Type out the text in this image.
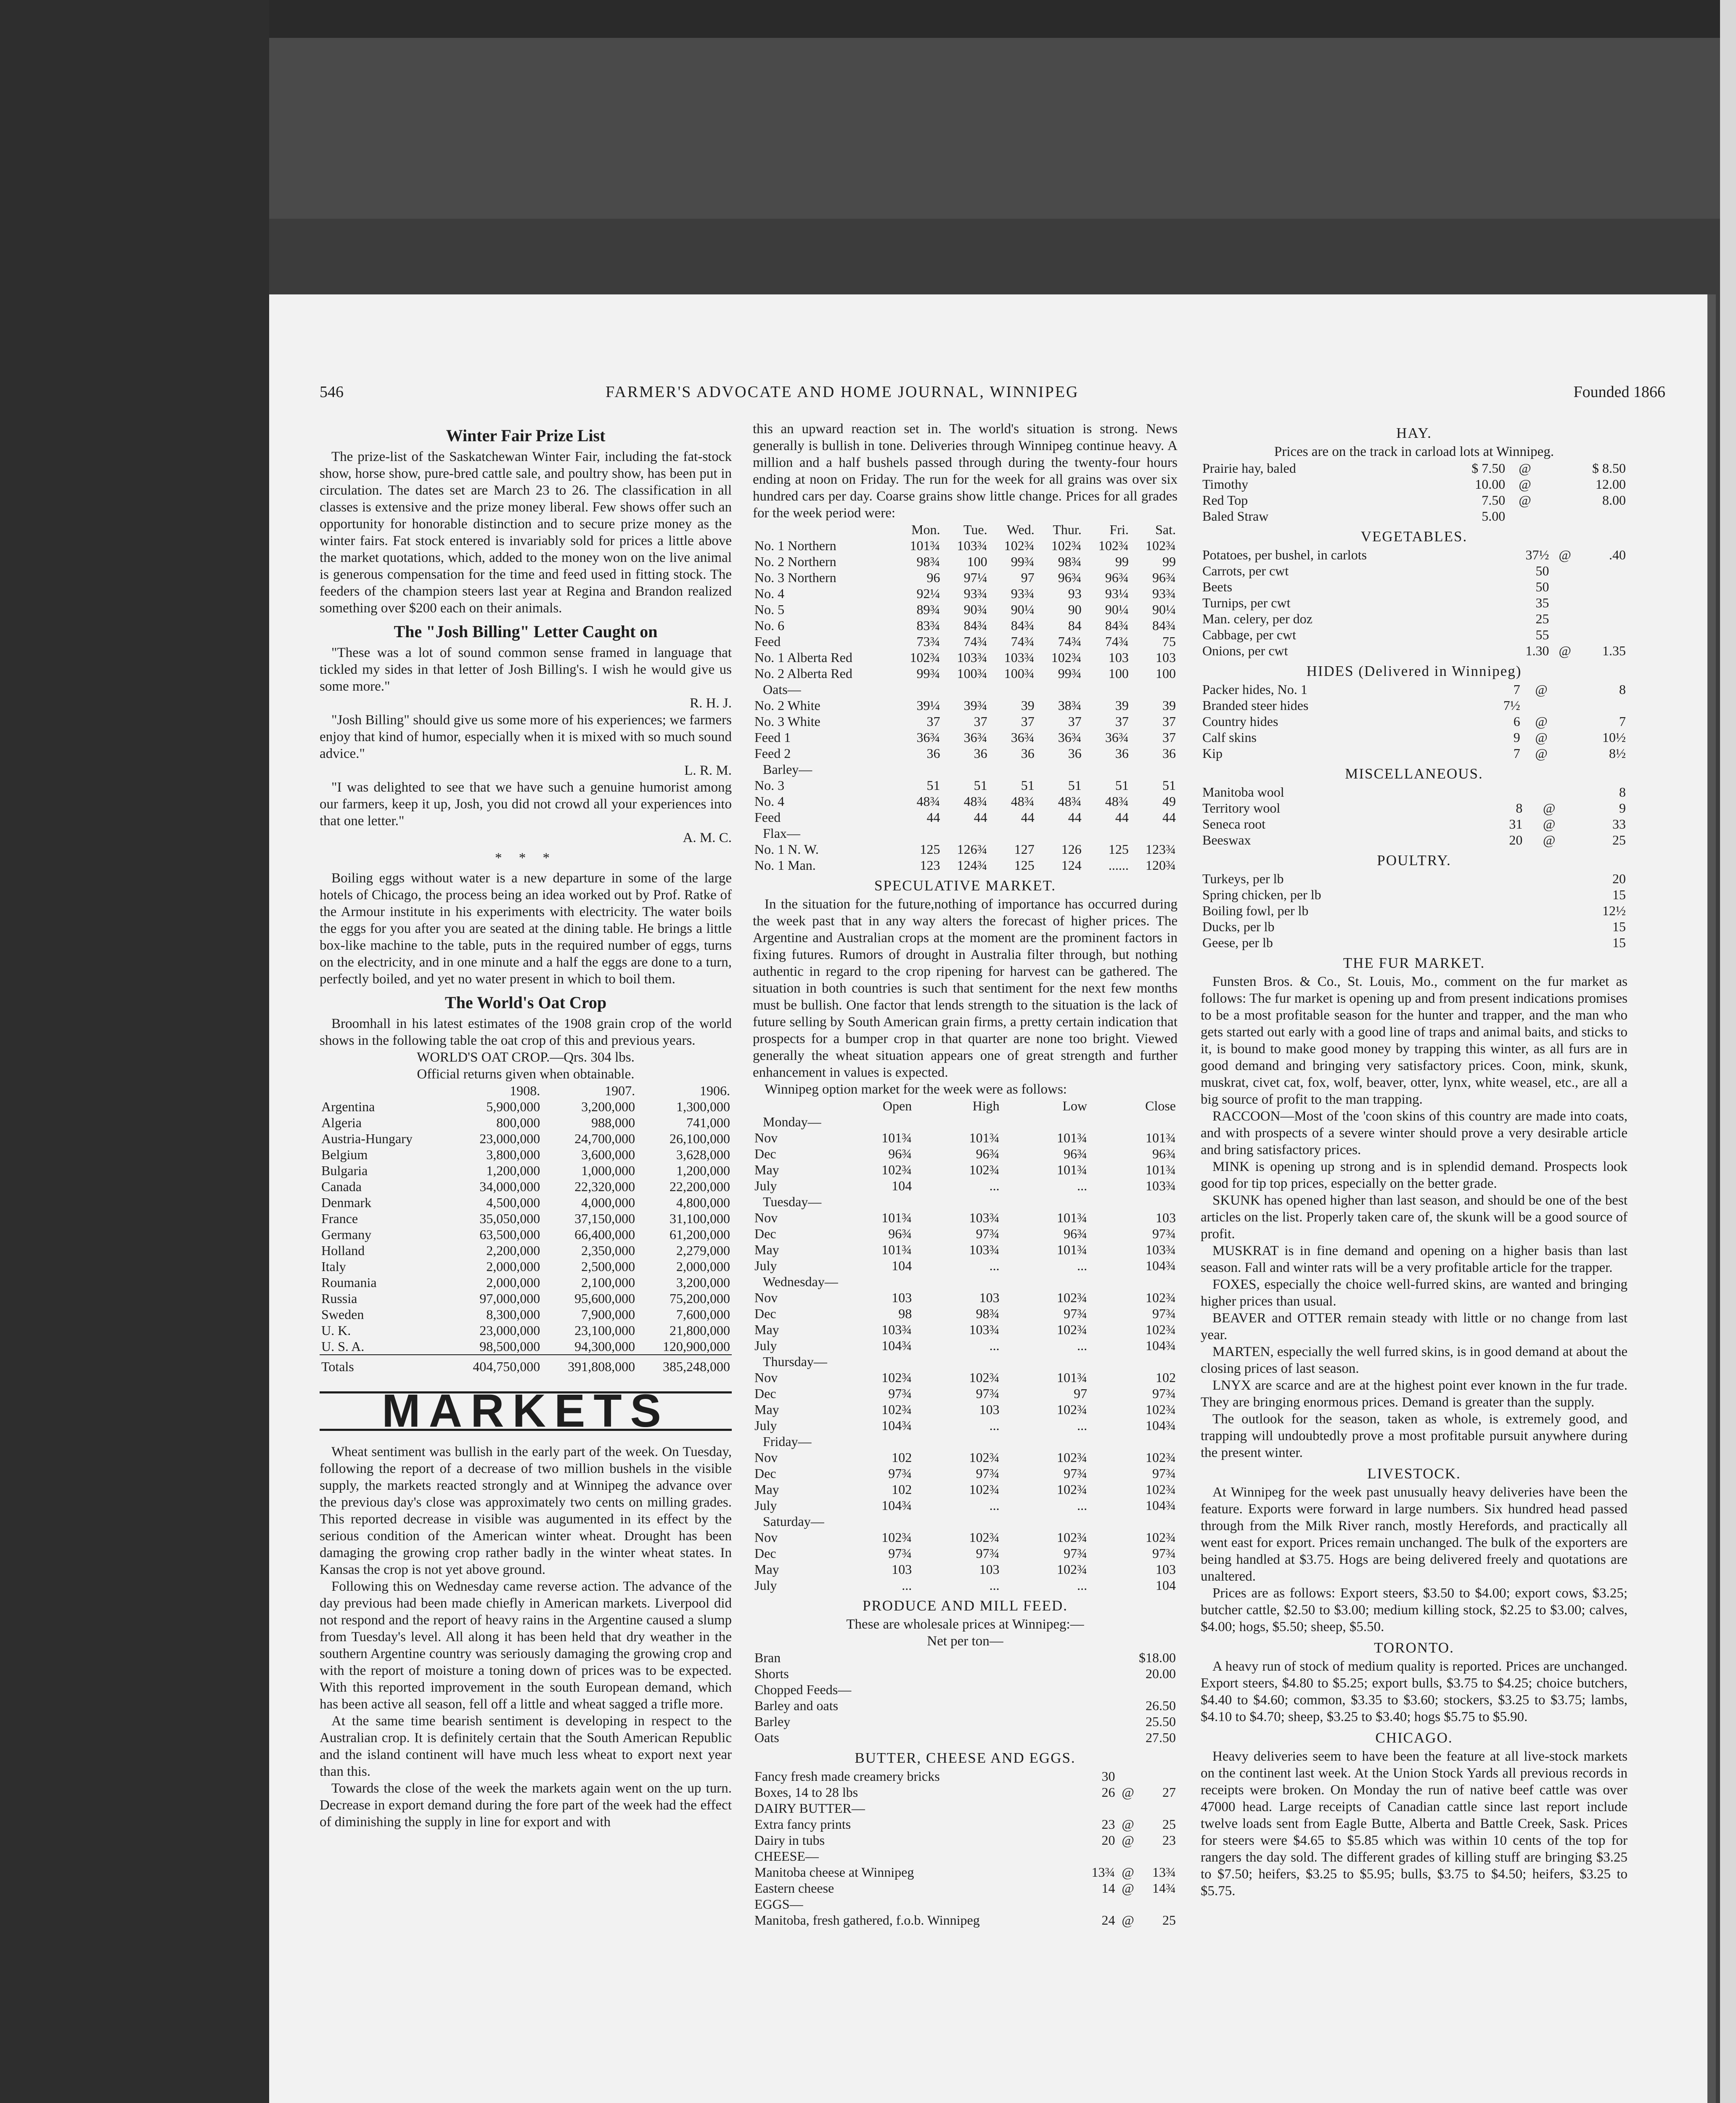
546	FARMER'S ADVOCATE AND HOME JOURNAL, WINNIPEG	Founded 1866
Winter Fair Prize List

The prize-list of the Saskatchewan Winter Fair, including the fat-stock show, horse show, pure-bred cattle sale, and poultry show, has been put in circulation. The dates set are March 23 to 26. The classification in all classes is extensive and the prize money liberal. Few shows offer such an opportunity for honorable distinction and to secure prize money as the winter fairs. Fat stock entered is invariably sold for prices a little above the market quotations, which, added to the money won on the live animal is generous compensation for the time and feed used in fitting stock. The feeders of the champion steers last year at Regina and Brandon realized something over $200 each on their animals.

The "Josh Billing" Letter Caught on

"These was a lot of sound common sense framed in language that tickled my sides in that letter of Josh Billing's. I wish he would give us some more."

R. H. J.

"Josh Billing" should give us some more of his experiences; we farmers enjoy that kind of humor, especially when it is mixed with so much sound advice."

L. R. M.

"I was delighted to see that we have such a genuine humorist among our farmers, keep it up, Josh, you did not crowd all your experiences into that one letter."

A. M. C.

* * *

Boiling eggs without water is a new departure in some of the large hotels of Chicago, the process being an idea worked out by Prof. Ratke of the Armour institute in his experiments with electricity. The water boils the eggs for you after you are seated at the dining table. He brings a little box-like machine to the table, puts in the required number of eggs, turns on the electricity, and in one minute and a half the eggs are done to a turn, perfectly boiled, and yet no water present in which to boil them.

The World's Oat Crop

Broomhall in his latest estimates of the 1908 grain crop of the world shows in the following table the oat crop of this and previous years.

WORLD'S OAT CROP.—Qrs. 304 lbs.

Official returns given when obtainable.

	1908.	1907.	1906.
Argentina	5,900,000	3,200,000	1,300,000
Algeria	800,000	988,000	741,000
Austria-Hungary	23,000,000	24,700,000	26,100,000
Belgium	3,800,000	3,600,000	3,628,000
Bulgaria	1,200,000	1,000,000	1,200,000
Canada	34,000,000	22,320,000	22,200,000
Denmark	4,500,000	4,000,000	4,800,000
France	35,050,000	37,150,000	31,100,000
Germany	63,500,000	66,400,000	61,200,000
Holland	2,200,000	2,350,000	2,279,000
Italy	2,000,000	2,500,000	2,000,000
Roumania	2,000,000	2,100,000	3,200,000
Russia	97,000,000	95,600,000	75,200,000
Sweden	8,300,000	7,900,000	7,600,000
U. K.	23,000,000	23,100,000	21,800,000
U. S. A.	98,500,000	94,300,000	120,900,000
Totals	404,750,000	391,808,000	385,248,000
MARKETS

Wheat sentiment was bullish in the early part of the week. On Tuesday, following the report of a decrease of two million bushels in the visible supply, the markets reacted strongly and at Winnipeg the advance over the previous day's close was approximately two cents on milling grades. This reported decrease in visible was augumented in its effect by the serious condition of the American winter wheat. Drought has been damaging the growing crop rather badly in the winter wheat states. In Kansas the crop is not yet above ground.

Following this on Wednesday came reverse action. The advance of the day previous had been made chiefly in American markets. Liverpool did not respond and the report of heavy rains in the Argentine caused a slump from Tuesday's level. All along it has been held that dry weather in the southern Argentine country was seriously damaging the growing crop and with the report of moisture a toning down of prices was to be expected. With this reported improvement in the south European demand, which has been active all season, fell off a little and wheat sagged a trifle more.

At the same time bearish sentiment is developing in respect to the Australian crop. It is definitely certain that the South American Republic and the island continent will have much less wheat to export next year than this.

Towards the close of the week the markets again went on the up turn. Decrease in export demand during the fore part of the week had the effect of diminishing the supply in line for export and with

this an upward reaction set in. The world's situation is strong. News generally is bullish in tone. Deliveries through Winnipeg continue heavy. A million and a half bushels passed through during the twenty-four hours ending at noon on Friday. The run for the week for all grains was over six hundred cars per day. Coarse grains show little change. Prices for all grades for the week period were:

	Mon.	Tue.	Wed.	Thur.	Fri.	Sat.
No. 1 Northern	101¾	103¾	102¾	102¾	102¾	102¾
No. 2 Northern	98¾	100	99¾	98¾	99	99
No. 3 Northern	96	97¼	97	96¾	96¾	96¾
No. 4	92¼	93¾	93¾	93	93¼	93¾
No. 5	89¾	90¾	90¼	90	90¼	90¼
No. 6	83¾	84¾	84¾	84	84¾	84¾
Feed	73¾	74¾	74¾	74¾	74¾	75
No. 1 Alberta Red	102¾	103¾	103¾	102¾	103	103
No. 2 Alberta Red	99¾	100¾	100¾	99¾	100	100
Oats—						
No. 2 White	39¼	39¾	39	38¾	39	39
No. 3 White	37	37	37	37	37	37
Feed 1	36¾	36¾	36¾	36¾	36¾	37
Feed 2	36	36	36	36	36	36
Barley—						
No. 3	51	51	51	51	51	51
No. 4	48¾	48¾	48¾	48¾	48¾	49
Feed	44	44	44	44	44	44
Flax—						
No. 1 N. W.	125	126¾	127	126	125	123¾
No. 1 Man.	123	124¾	125	124	......	120¾
SPECULATIVE MARKET.

In the situation for the future,nothing of importance has occurred during the week past that in any way alters the forecast of higher prices. The Argentine and Australian crops at the moment are the prominent factors in fixing futures. Rumors of drought in Australia filter through, but nothing authentic in regard to the crop ripening for harvest can be gathered. The situation in both countries is such that sentiment for the next few months must be bullish. One factor that lends strength to the situation is the lack of future selling by South American grain firms, a pretty certain indication that prospects for a bumper crop in that quarter are none too bright. Viewed generally the wheat situation appears one of great strength and further enhancement in values is expected.

Winnipeg option market for the week were as follows:

	Open	High	Low	Close
Monday—				
Nov	101¾	101¾	101¾	101¾
Dec	96¾	96¾	96¾	96¾
May	102¾	102¾	101¾	101¾
July	104	...	...	103¾
Tuesday—				
Nov	101¾	103¾	101¾	103
Dec	96¾	97¾	96¾	97¾
May	101¾	103¾	101¾	103¾
July	104	...	...	104¾
Wednesday—				
Nov	103	103	102¾	102¾
Dec	98	98¾	97¾	97¾
May	103¾	103¾	102¾	102¾
July	104¾	...	...	104¾
Thursday—				
Nov	102¾	102¾	101¾	102
Dec	97¾	97¾	97	97¾
May	102¾	103	102¾	102¾
July	104¾	...	...	104¾
Friday—				
Nov	102	102¾	102¾	102¾
Dec	97¾	97¾	97¾	97¾
May	102	102¾	102¾	102¾
July	104¾	...	...	104¾
Saturday—				
Nov	102¾	102¾	102¾	102¾
Dec	97¾	97¾	97¾	97¾
May	103	103	102¾	103
July	...	...	...	104
PRODUCE AND MILL FEED.

These are wholesale prices at Winnipeg:—

Net per ton—

Bran	$18.00
Shorts	20.00
Chopped Feeds—	
Barley and oats	26.50
Barley	25.50
Oats	27.50
BUTTER, CHEESE AND EGGS.
Fancy fresh made creamery bricks	30		
Boxes, 14 to 28 lbs	26	@	27
DAIRY BUTTER—			
Extra fancy prints	23	@	25
Dairy in tubs	20	@	23
CHEESE—			
Manitoba cheese at Winnipeg	13¾	@	13¾
Eastern cheese	14	@	14¾
EGGS—			
Manitoba, fresh gathered, f.o.b. Winnipeg	24	@	25
HAY.

Prices are on the track in carload lots at Winnipeg.

Prairie hay, baled	$ 7.50	@	$ 8.50
Timothy	10.00	@	12.00
Red Top	7.50	@	8.00
Baled Straw	5.00		
VEGETABLES.
Potatoes, per bushel, in carlots	37½	@	.40
Carrots, per cwt	50		
Beets	50		
Turnips, per cwt	35		
Man. celery, per doz	25		
Cabbage, per cwt	55		
Onions, per cwt	1.30	@	1.35
HIDES (Delivered in Winnipeg)
Packer hides, No. 1	7	@	8
Branded steer hides	7½		
Country hides	6	@	7
Calf skins	9	@	10½
Kip	7	@	8½
MISCELLANEOUS.
Manitoba wool			8
Territory wool	8	@	9
Seneca root	31	@	33
Beeswax	20	@	25
POULTRY.
Turkeys, per lb	20
Spring chicken, per lb	15
Boiling fowl, per lb	12½
Ducks, per lb	15
Geese, per lb	15
THE FUR MARKET.

Funsten Bros. & Co., St. Louis, Mo., comment on the fur market as follows: The fur market is opening up and from present indications promises to be a most profitable season for the hunter and trapper, and the man who gets started out early with a good line of traps and animal baits, and sticks to it, is bound to make good money by trapping this winter, as all furs are in good demand and bringing very satisfactory prices. Coon, mink, skunk, muskrat, civet cat, fox, wolf, beaver, otter, lynx, white weasel, etc., are all a big source of profit to the man trapping.

RACCOON—Most of the 'coon skins of this country are made into coats, and with prospects of a severe winter should prove a very desirable article and bring satisfactory prices.

MINK is opening up strong and is in splendid demand. Prospects look good for tip top prices, especially on the better grade.

SKUNK has opened higher than last season, and should be one of the best articles on the list. Properly taken care of, the skunk will be a good source of profit.

MUSKRAT is in fine demand and opening on a higher basis than last season. Fall and winter rats will be a very profitable article for the trapper.

FOXES, especially the choice well-furred skins, are wanted and bringing higher prices than usual.

BEAVER and OTTER remain steady with little or no change from last year.

MARTEN, especially the well furred skins, is in good demand at about the closing prices of last season.

LNYX are scarce and are at the highest point ever known in the fur trade. They are bringing enormous prices. Demand is greater than the supply.

The outlook for the season, taken as whole, is extremely good, and trapping will undoubtedly prove a most profitable pursuit anywhere during the present winter.

LIVESTOCK.

At Winnipeg for the week past unusually heavy deliveries have been the feature. Exports were forward in large numbers. Six hundred head passed through from the Milk River ranch, mostly Herefords, and practically all went east for export. Prices remain unchanged. The bulk of the exporters are being handled at $3.75. Hogs are being delivered freely and quotations are unaltered.

Prices are as follows: Export steers, $3.50 to $4.00; export cows, $3.25; butcher cattle, $2.50 to $3.00; medium killing stock, $2.25 to $3.00; calves, $4.00; hogs, $5.50; sheep, $5.50.

TORONTO.

A heavy run of stock of medium quality is reported. Prices are unchanged. Export steers, $4.80 to $5.25; export bulls, $3.75 to $4.25; choice butchers, $4.40 to $4.60; common, $3.35 to $3.60; stockers, $3.25 to $3.75; lambs, $4.10 to $4.70; sheep, $3.25 to $3.40; hogs $5.75 to $5.90.

CHICAGO.

Heavy deliveries seem to have been the feature at all live-stock markets on the continent last week. At the Union Stock Yards all previous records in receipts were broken. On Monday the run of native beef cattle was over 47000 head. Large receipts of Canadian cattle since last report include twelve loads sent from Eagle Butte, Alberta and Battle Creek, Sask. Prices for steers were $4.65 to $5.85 which was within 10 cents of the top for rangers the day sold. The different grades of killing stuff are bringing $3.25 to $7.50; heifers, $3.25 to $5.95; bulls, $3.75 to $4.50; heifers, $3.25 to $5.75.
